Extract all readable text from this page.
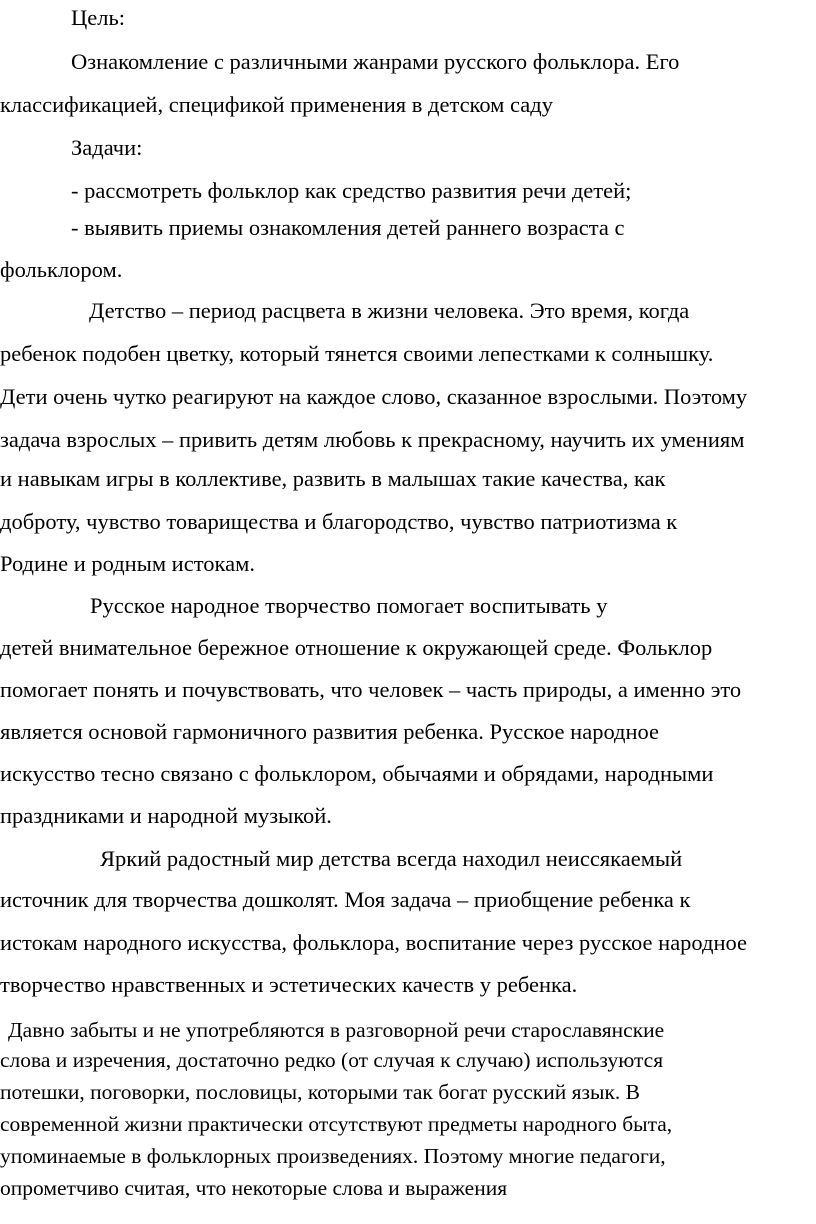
Цель:

Ознакомление с различными жанрами русского фольклора. Его

классификацией, спецификой применения в детском саду

Задачи:

- рассмотреть фольклор как средство развития речи детей;

- выявить приемы ознакомления детей раннего возраста с

фольклором.

Детство – период расцвета в жизни человека. Это время, когда

ребенок подобен цветку, который тянется своими лепестками к солнышку.

Дети очень чутко реагируют на каждое слово, сказанное взрослыми. Поэтому

задача взрослых – привить детям любовь к прекрасному, научить их умениям

и навыкам игры в коллективе, развить в малышах такие качества, как

доброту, чувство товарищества и благородство, чувство патриотизма к

Родине и родным истокам.

Русское народное творчество помогает воспитывать у

детей внимательное бережное отношение к окружающей среде. Фольклор

помогает понять и почувствовать, что человек – часть природы, а именно это

является основой гармоничного развития ребенка. Русское народное

искусство тесно связано с фольклором, обычаями и обрядами, народными

праздниками и народной музыкой.

Яркий радостный мир детства всегда находил неиссякаемый

источник для творчества дошколят. Моя задача – приобщение ребенка к

истокам народного искусства, фольклора, воспитание через русское народное

творчество нравственных и эстетических качеств у ребенка.

Давно забыты и не употребляются в разговорной речи старославянские

слова и изречения, достаточно редко (от случая к случаю) используются

потешки, поговорки, пословицы, которыми так богат русский язык. В

современной жизни практически отсутствуют предметы народного быта,

упоминаемые в фольклорных произведениях. Поэтому многие педагоги,

опрометчиво считая, что некоторые слова и выражения
